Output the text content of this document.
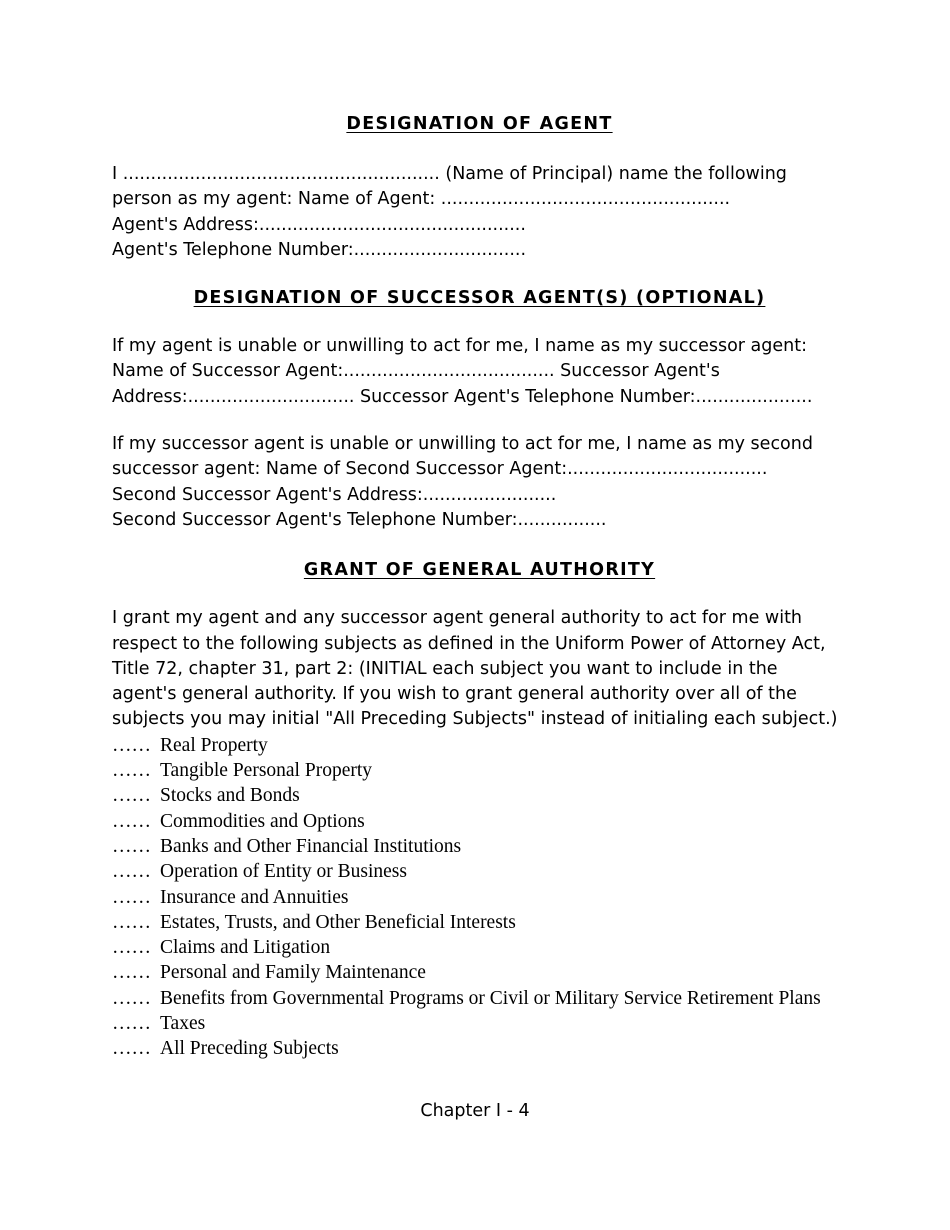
DESIGNATION OF AGENT

I ......................................................... (Name of Principal) name the following
person as my agent: Name of Agent: ....................................................
Agent's Address:................................................
Agent's Telephone Number:...............................

DESIGNATION OF SUCCESSOR AGENT(S) (OPTIONAL)

If my agent is unable or unwilling to act for me, I name as my successor agent:
Name of Successor Agent:...................................... Successor Agent's
Address:.............................. Successor Agent's Telephone Number:.....................

If my successor agent is unable or unwilling to act for me, I name as my second
successor agent: Name of Second Successor Agent:....................................
Second Successor Agent's Address:........................
Second Successor Agent's Telephone Number:................

GRANT OF GENERAL AUTHORITY

I grant my agent and any successor agent general authority to act for me with
respect to the following subjects as defined in the Uniform Power of Attorney Act,
Title 72, chapter 31, part 2: (INITIAL each subject you want to include in the
agent's general authority. If you wish to grant general authority over all of the
subjects you may initial "All Preceding Subjects" instead of initialing each subject.)

…… Real Property
…… Tangible Personal Property
…… Stocks and Bonds
…… Commodities and Options
…… Banks and Other Financial Institutions
…… Operation of Entity or Business
…… Insurance and Annuities
…… Estates, Trusts, and Other Beneficial Interests
…… Claims and Litigation
…… Personal and Family Maintenance
…… Benefits from Governmental Programs or Civil or Military Service Retirement Plans
…… Taxes
…… All Preceding Subjects
Chapter I - 4
